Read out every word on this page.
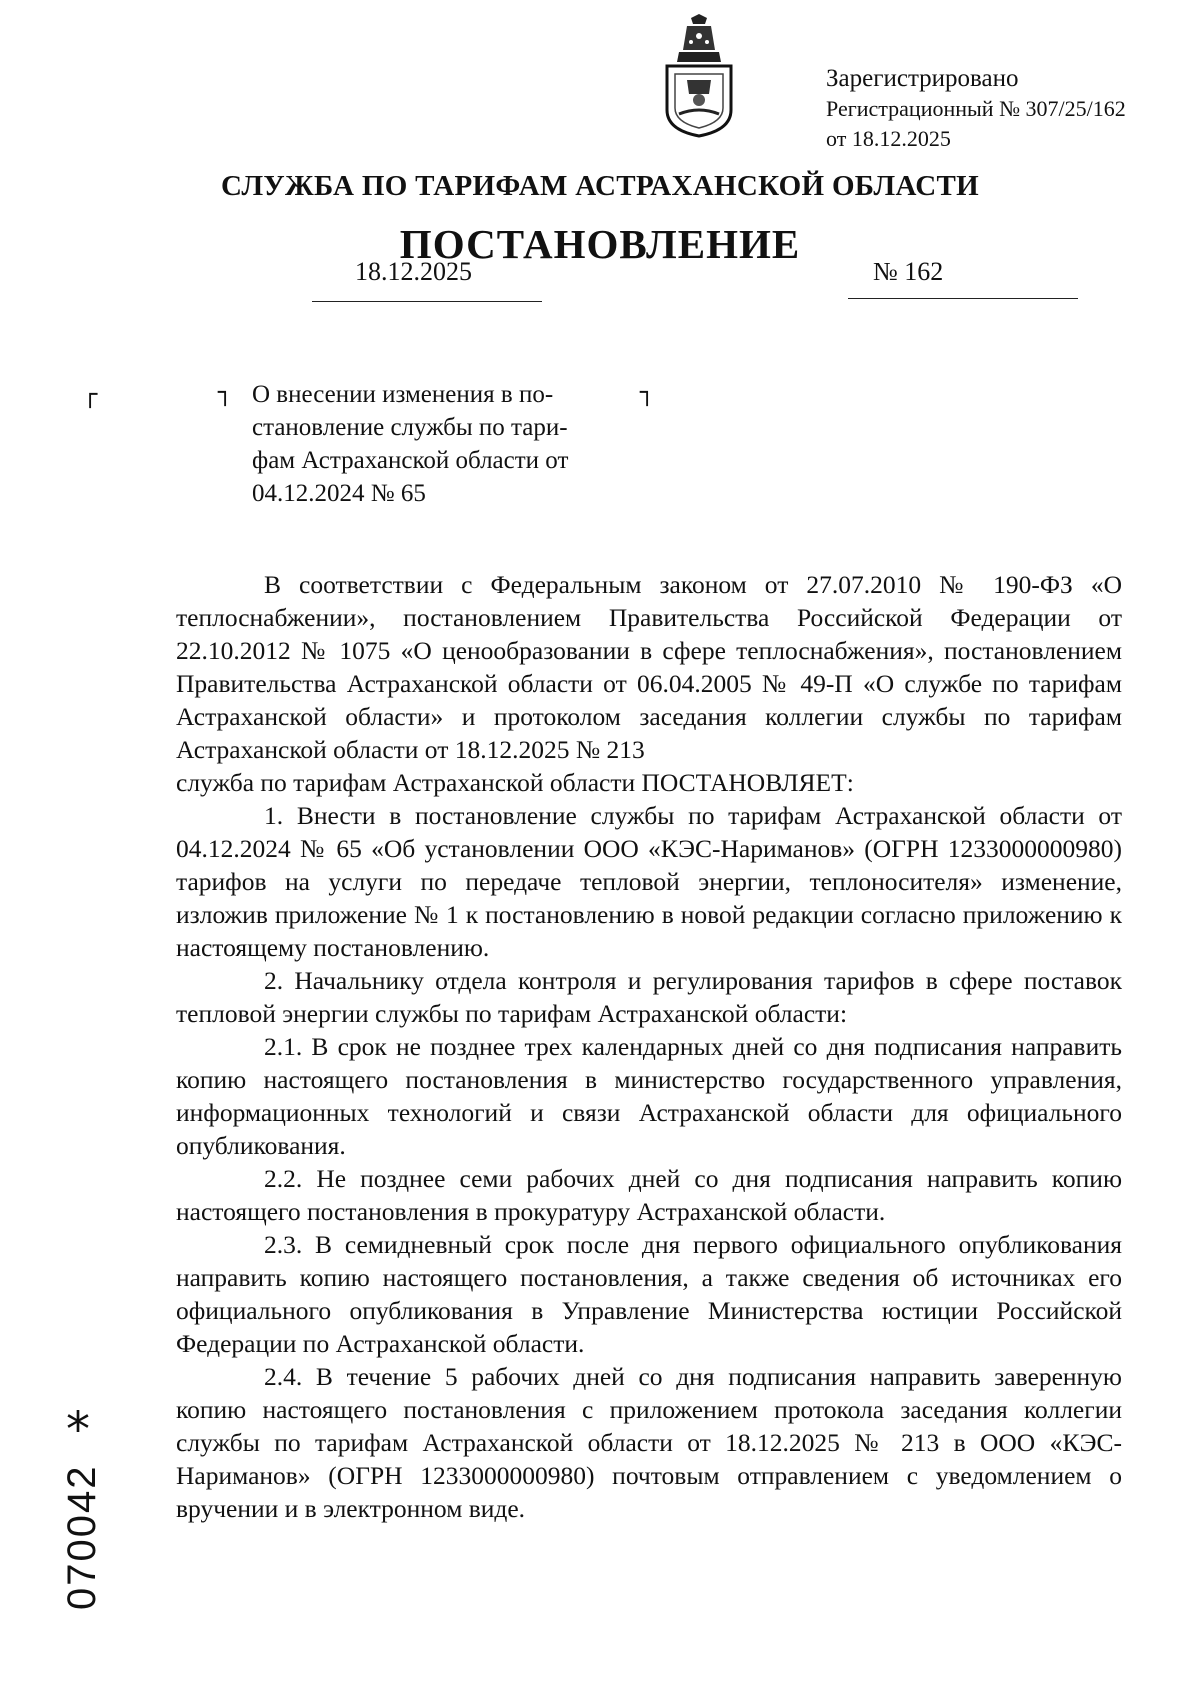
Зарегистрировано
Регистрационный № 307/25/162
от 18.12.2025
СЛУЖБА ПО ТАРИФАМ АСТРАХАНСКОЙ ОБЛАСТИ
ПОСТАНОВЛЕНИЕ
18.12.2025	№ 162
┌	┐	┐
О внесении изменения в по-
становление службы по тари-
фам Астраханской области от
04.12.2024 № 65

В соответствии с Федеральным законом от 27.07.2010 № 190-ФЗ «О теплоснабжении», постановлением Правительства Российской Федерации от 22.10.2012 № 1075 «О ценообразовании в сфере теплоснабжения», постановлением Правительства Астраханской области от 06.04.2005 № 49-П «О службе по тарифам Астраханской области» и протоколом заседания коллегии службы по тарифам Астраханской области от 18.12.2025 № 213

служба по тарифам Астраханской области ПОСТАНОВЛЯЕТ:

1. Внести в постановление службы по тарифам Астраханской области от 04.12.2024 № 65 «Об установлении ООО «КЭС-Нариманов» (ОГРН 1233000000980) тарифов на услуги по передаче тепловой энергии, теплоносителя» изменение, изложив приложение № 1 к постановлению в новой редакции согласно приложению к настоящему постановлению.

2. Начальнику отдела контроля и регулирования тарифов в сфере поставок тепловой энергии службы по тарифам Астраханской области:

2.1. В срок не позднее трех календарных дней со дня подписания направить копию настоящего постановления в министерство государственного управления, информационных технологий и связи Астраханской области для официального опубликования.

2.2. Не позднее семи рабочих дней со дня подписания направить копию настоящего постановления в прокуратуру Астраханской области.

2.3. В семидневный срок после дня первого официального опубликования направить копию настоящего постановления, а также сведения об источниках его официального опубликования в Управление Министерства юстиции Российской Федерации по Астраханской области.

2.4. В течение 5 рабочих дней со дня подписания направить заверенную копию настоящего постановления с приложением протокола заседания коллегии службы по тарифам Астраханской области от 18.12.2025 № 213 в ООО «КЭС-Нариманов» (ОГРН 1233000000980) почтовым отправлением с уведомлением о вручении и в электронном виде.

*
070042
